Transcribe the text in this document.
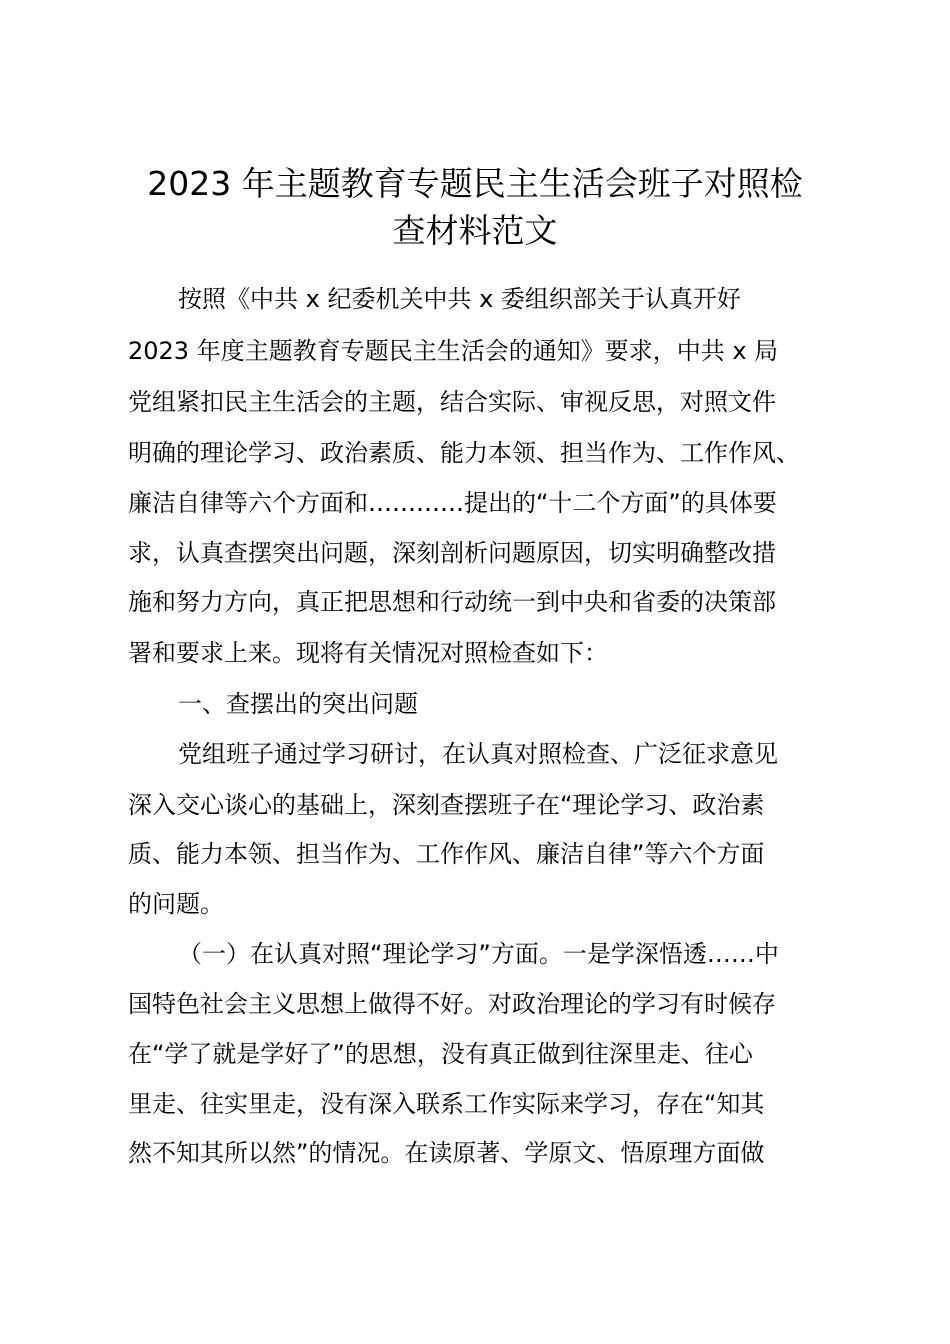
2023 年主题教育专题民主生活会班子对照检
查材料范文

按照《中共 x 纪委机关中共 x 委组织部关于认真开好

2023 年度主题教育专题民主生活会的通知》要求，中共 x 局

党组紧扣民主生活会的主题，结合实际、审视反思，对照文件

明确的理论学习、政治素质、能力本领、担当作为、工作作风、

廉洁自律等六个方面和…………提出的“十二个方面”的具体要

求，认真查摆突出问题，深刻剖析问题原因，切实明确整改措

施和努力方向，真正把思想和行动统一到中央和省委的决策部

署和要求上来。现将有关情况对照检查如下：

一、查摆出的突出问题

党组班子通过学习研讨，在认真对照检查、广泛征求意见

深入交心谈心的基础上，深刻查摆班子在“理论学习、政治素

质、能力本领、担当作为、工作作风、廉洁自律”等六个方面

的问题。

（一）在认真对照“理论学习”方面。一是学深悟透……中

国特色社会主义思想上做得不好。对政治理论的学习有时候存

在“学了就是学好了”的思想，没有真正做到往深里走、往心

里走、往实里走，没有深入联系工作实际来学习，存在“知其

然不知其所以然”的情况。在读原著、学原文、悟原理方面做
